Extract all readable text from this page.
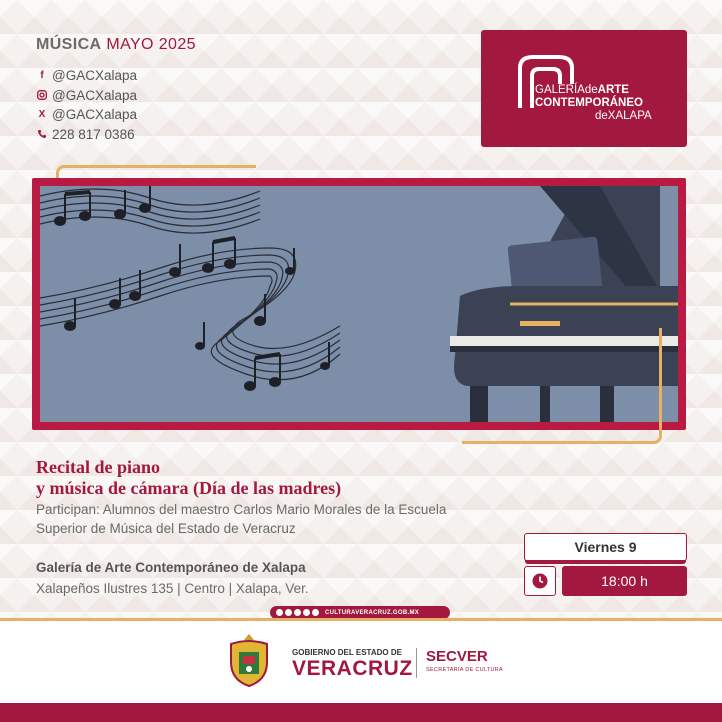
MÚSICA MAYO 2025
f @GACXalapa
@GACXalapa
X @GACXalapa
228 817 0386
GALERÍAdeARTE
CONTEMPORÁNEO
deXALAPA
Recital de piano
y música de cámara (Día de las madres)
Participan: Alumnos del maestro Carlos Mario Morales de la Escuela Superior de Música del Estado de Veracruz
Galería de Arte Contemporáneo de Xalapa
Xalapeños Ilustres 135 | Centro | Xalapa, Ver.
Viernes 9
18:00 h
CULTURAVERACRUZ.GOB.MX
GOBIERNO DEL ESTADO DE
VERACRUZ
SECVER
SECRETARÍA DE CULTURA
